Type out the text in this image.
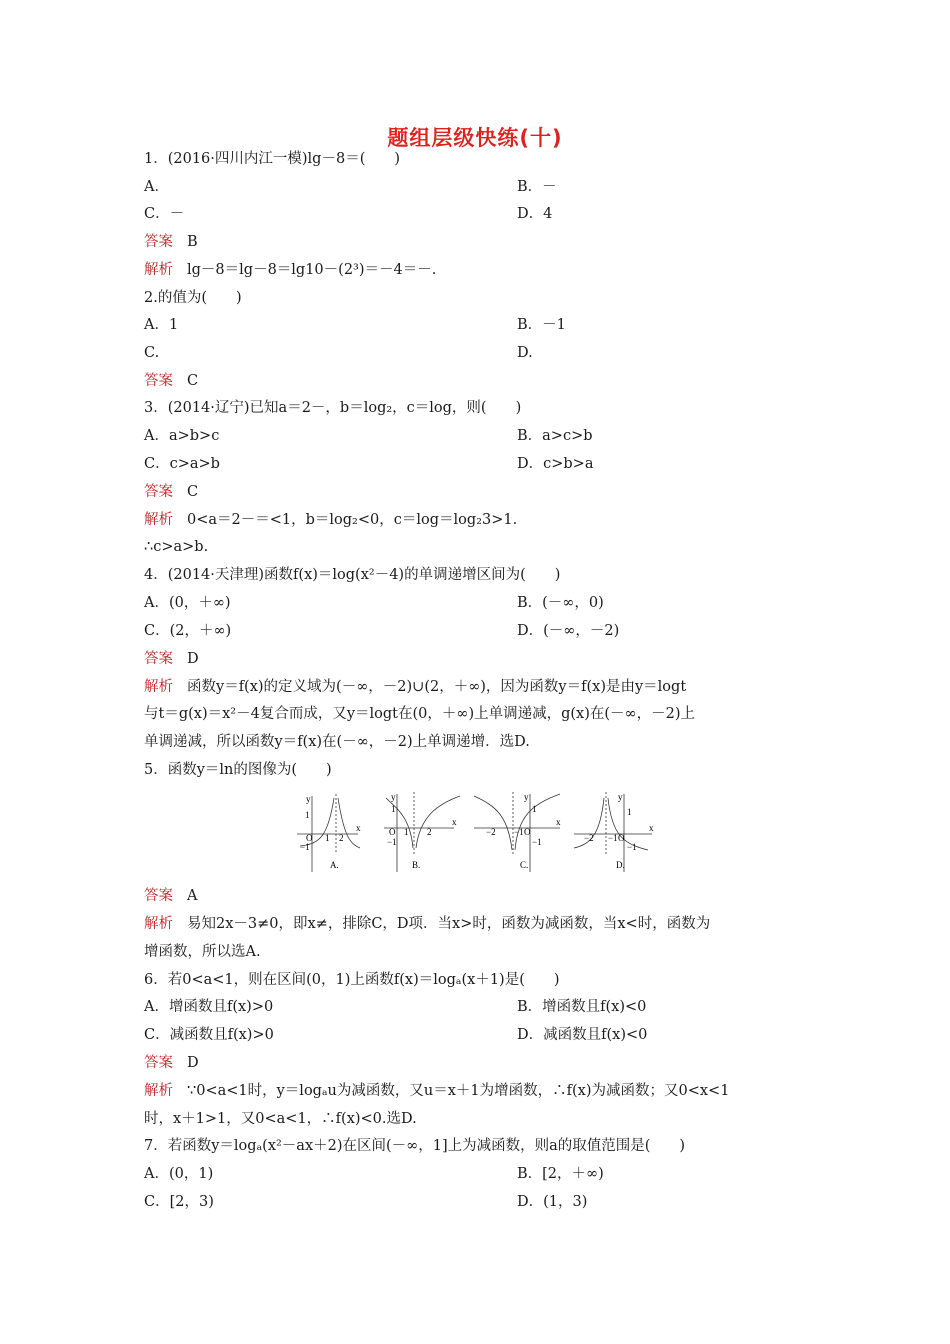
题组层级快练(十)
1．(2016·四川内江一模)lg－8＝(　　)
A．	B．－
C．－	D．4
答案 B
解析 lg－8＝lg－8＝lg10－(2³)＝－4＝－.
2.的值为(　　)
A．1	B．－1
C.	D.
答案 C
3．(2014·辽宁)已知a＝2－，b＝log₂，c＝log，则(　　)
A．a>b>c	B．a>c>b
C．c>a>b	D．c>b>a
答案 C
解析 0<a＝2－＝<1，b＝log₂<0，c＝log＝log₂3>1.
∴c>a>b.
4．(2014·天津理)函数f(x)＝log(x²－4)的单调递增区间为(　　)
A．(0，＋∞)	B．(－∞，0)
C．(2，＋∞)	D．(－∞，－2)
答案 D
解析 函数y＝f(x)的定义域为(－∞，－2)∪(2，＋∞)，因为函数y＝f(x)是由y＝logt
与t＝g(x)＝x²－4复合而成，又y＝logt在(0，＋∞)上单调递减，g(x)在(－∞，－2)上
单调递减，所以函数y＝f(x)在(－∞，－2)上单调递增．选D.
5．函数y＝ln的图像为(　　)
y
x
1
O 1 2
−1
A.
y
x
1
O 1 2
−1
B.
y
x
1
−2 −1 O
−1
C.
y
x
1
−2 −1 O
−1
D.
答案 A
解析 易知2x－3≠0，即x≠，排除C，D项．当x>时，函数为减函数，当x<时，函数为
增函数，所以选A.
6．若0<a<1，则在区间(0，1)上函数f(x)＝logₐ(x＋1)是(　　)
A．增函数且f(x)>0	B．增函数且f(x)<0
C．减函数且f(x)>0	D．减函数且f(x)<0
答案 D
解析 ∵0<a<1时，y＝logₐu为减函数，又u＝x＋1为增函数，∴f(x)为减函数；又0<x<1
时，x＋1>1，又0<a<1，∴f(x)<0.选D.
7．若函数y＝logₐ(x²－ax＋2)在区间(－∞，1]上为减函数，则a的取值范围是(　　)
A．(0，1)	B．[2，＋∞)
C．[2，3)	D．(1，3)
